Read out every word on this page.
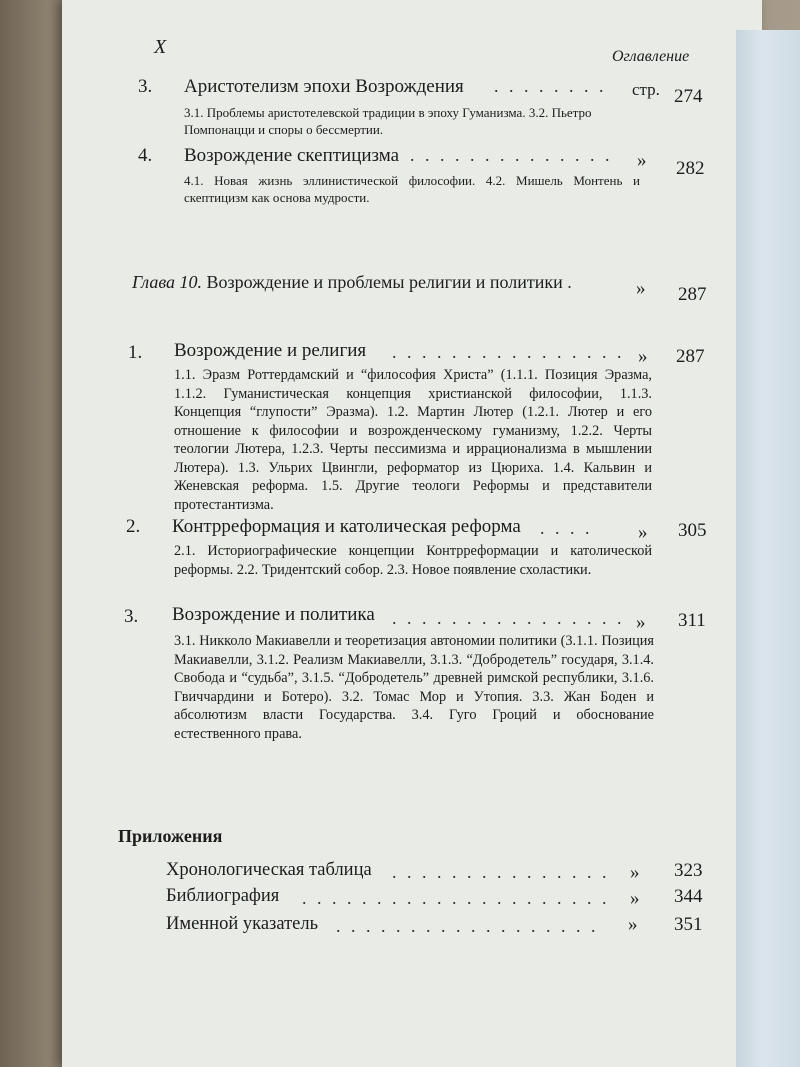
X	Оглавление
3. Аристотелизм эпохи Возрождения . . . . . . . . стр. 274
3.1. Проблемы аристотелевской традиции в эпоху Гуманизма. 3.2. Пьетро Помпонацци и споры о бессмертии.
4. Возрождение скептицизма . . . . . . . . . . . . . . » 282
4.1. Новая жизнь эллинистической философии. 4.2. Мишель Монтень и скептицизм как основа мудрости.
Глава 10. Возрождение и проблемы религии и политики .	» 287
1. Возрождение и религия . . . . . . . . . . . . . . . . » 287
1.1. Эразм Роттердамский и “философия Христа” (1.1.1. Позиция Эразма, 1.1.2. Гуманистическая концепция христианской философии, 1.1.3. Концепция “глупости” Эразма). 1.2. Мартин Лютер (1.2.1. Лютер и его отношение к философии и возрожденческому гуманизму, 1.2.2. Черты теологии Лютера, 1.2.3. Черты пессимизма и иррационализма в мышлении Лютера). 1.3. Ульрих Цвингли, реформатор из Цюриха. 1.4. Кальвин и Женевская реформа. 1.5. Другие теологи Реформы и представители протестантизма.
2. Контрреформация и католическая реформа . . . . » 305
2.1. Историографические концепции Контрреформации и католической реформы. 2.2. Тридентский собор. 2.3. Новое появление схоластики.
3. Возрождение и политика . . . . . . . . . . . . . . . . » 311
3.1. Никколо Макиавелли и теоретизация автономии политики (3.1.1. Позиция Макиавелли, 3.1.2. Реализм Макиавелли, 3.1.3. “Добродетель” государя, 3.1.4. Свобода и “судьба”, 3.1.5. “Добродетель” древней римской республики, 3.1.6. Гвиччардини и Ботеро). 3.2. Томас Мор и Утопия. 3.3. Жан Боден и абсолютизм власти Государства. 3.4. Гуго Гроций и обоснование естественного права.
Приложения
Хронологическая таблица . . . . . . . . . . . . . . . » 323
Библиография . . . . . . . . . . . . . . . . . . . . . » 344
Именной указатель . . . . . . . . . . . . . . . . . . » 351
